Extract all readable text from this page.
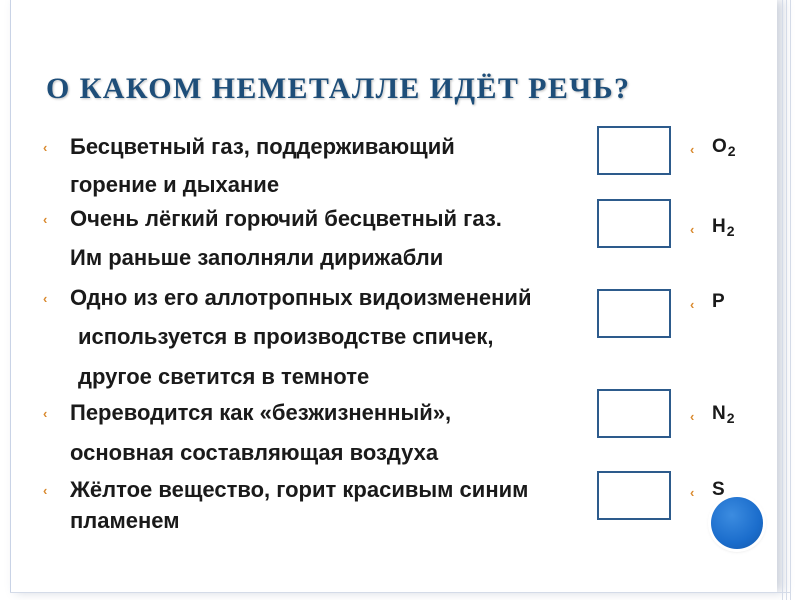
О КАКОМ НЕМЕТАЛЛЕ ИДЁТ РЕЧЬ?
‹	Бесцветный газ, поддерживающий
горение и дыхание
‹	Очень лёгкий горючий бесцветный газ.
Им раньше заполняли дирижабли
‹	Одно из его аллотропных видоизменений
используется в производстве спичек,
другое светится в темноте
‹	Переводится как «безжизненный»,
основная составляющая воздуха
‹	Жёлтое вещество, горит красивым синим
пламенем
‹ $O_2$
‹ $H_2$
‹ P
‹ $N_2$
‹ S
